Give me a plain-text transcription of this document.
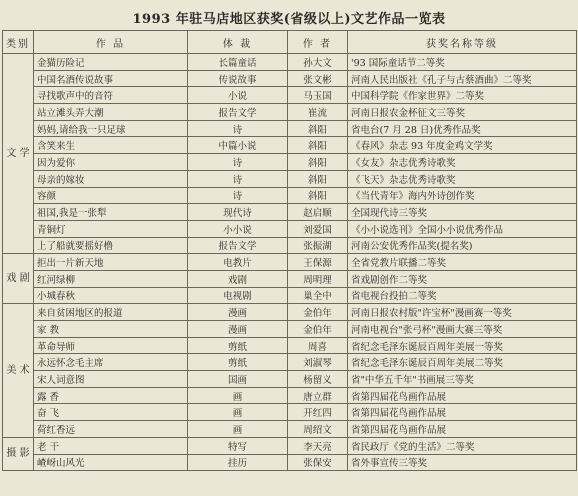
1993 年驻马店地区获奖(省级以上)文艺作品一览表
类别	作 品	体 裁	作 者	获奖名称等级
文 学	金猫历险记	长篇童话	孙大文	'93 国际童话节二等奖
	中国名酒传说故事	传说故事	张文彬	河南人民出版社《孔子与古蔡酒曲》二等奖
	寻找歌声中的音符	小说	马玉国	中国科学院《作家世界》二等奖
	站立滩头弄大潮	报告文学	崔流	河南日报农金杯征文三等奖
	妈妈,请给我一只足球	诗	斜阳	省电台(7 月 28 日)优秀作品奖
	含笑来生	中篇小说	斜阳	《春风》杂志 93 年度金鸡文学奖
	因为爱你	诗	斜阳	《女友》杂志优秀诗歌奖
	母亲的嫁妆	诗	斜阳	《飞天》杂志优秀诗歌奖
	容颜	诗	斜阳	《当代青年》海内外诗创作奖
	祖国,我是一张犁	现代诗	赵启顺	全国现代诗三等奖
	青铜灯	小小说	刘爱国	《小小说选刊》全国小小说优秀作品
	上了船就要摇好橹	报告文学	张振湖	河南公安优秀作品奖(提名奖)
戏 剧	拒出一片新天地	电教片	王保源	全省党教片联播二等奖
	红河绿柳	戏剧	周明理	省戏剧创作二等奖
	小城春秋	电视剧	巢全中	省电视台投拍二等奖
美 术	来自贫困地区的报道	漫画	金伯年	河南日报农村版"许宝杯"漫画赛一等奖
	家 教	漫画	金伯年	河南电视台"张弓杯"漫画大赛三等奖
	革命导师	剪纸	周喜	省纪念毛泽东诞辰百周年美展一等奖
	永远怀念毛主席	剪纸	刘淑琴	省纪念毛泽东诞辰百周年美展二等奖
	宋人词意图	国画	杨留义	省"中华五千年"书画展三等奖
	露 香	画	唐立群	省第四届花鸟画作品展
	奋 飞	画	开红四	省第四届花鸟画作品展
	荷红香远	画	周绍文	省第四届花鸟画作品展
摄 影	老 干	特写	李天亮	省民政厅《党的生活》二等奖
	嵖岈山风光	挂历	张保安	省外事宣传三等奖
